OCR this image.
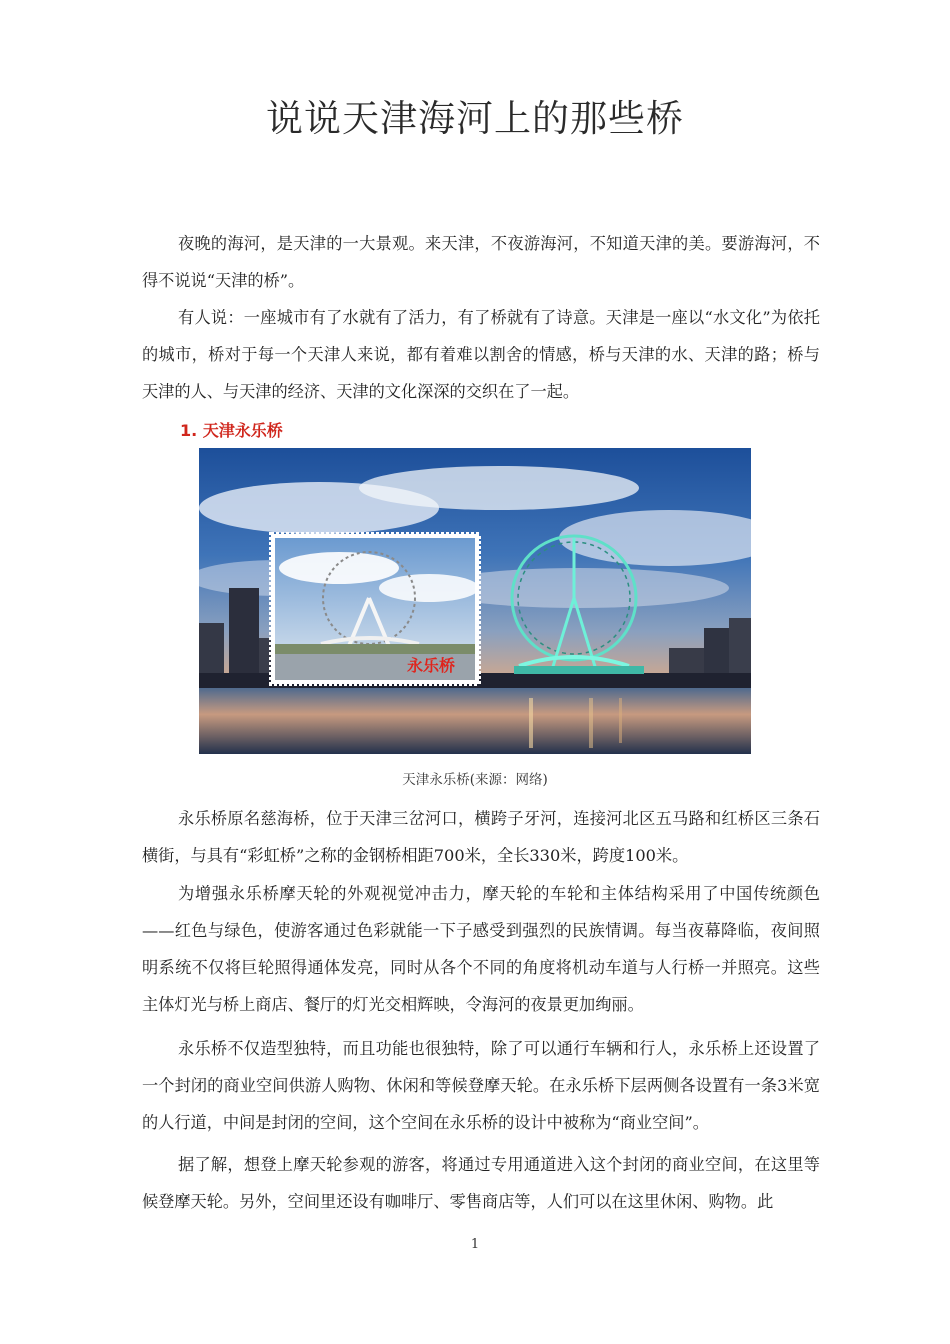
说说天津海河上的那些桥

夜晚的海河，是天津的一大景观。来天津，不夜游海河，不知道天津的美。要游海河，不得不说说“天津的桥”。

有人说：一座城市有了水就有了活力，有了桥就有了诗意。天津是一座以“水文化”为依托的城市，桥对于每一个天津人来说，都有着难以割舍的情感，桥与天津的水、天津的路；桥与天津的人、与天津的经济、天津的文化深深的交织在了一起。

1. 天津永乐桥
永乐桥
天津永乐桥(来源：网络)

永乐桥原名慈海桥，位于天津三岔河口，横跨子牙河，连接河北区五马路和红桥区三条石横街，与具有“彩虹桥”之称的金钢桥相距700米，全长330米，跨度100米。

为增强永乐桥摩天轮的外观视觉冲击力，摩天轮的车轮和主体结构采用了中国传统颜色——红色与绿色，使游客通过色彩就能一下子感受到强烈的民族情调。每当夜幕降临，夜间照明系统不仅将巨轮照得通体发亮，同时从各个不同的角度将机动车道与人行桥一并照亮。这些主体灯光与桥上商店、餐厅的灯光交相辉映，令海河的夜景更加绚丽。

永乐桥不仅造型独特，而且功能也很独特，除了可以通行车辆和行人，永乐桥上还设置了一个封闭的商业空间供游人购物、休闲和等候登摩天轮。在永乐桥下层两侧各设置有一条3米宽的人行道，中间是封闭的空间，这个空间在永乐桥的设计中被称为“商业空间”。

据了解，想登上摩天轮参观的游客，将通过专用通道进入这个封闭的商业空间，在这里等候登摩天轮。另外，空间里还设有咖啡厅、零售商店等，人们可以在这里休闲、购物。此

1
